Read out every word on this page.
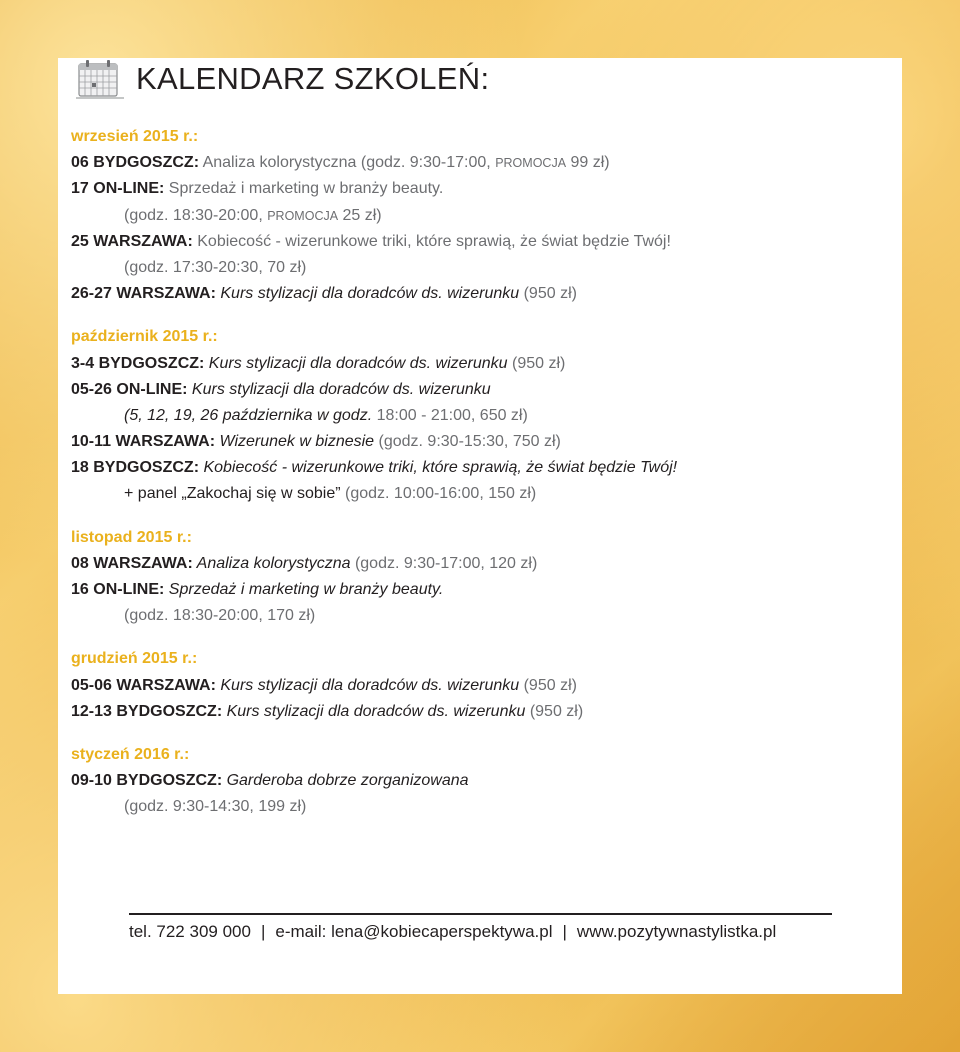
KALENDARZ SZKOLEŃ:
wrzesień 2015 r.:
06 BYDGOSZCZ: Analiza kolorystyczna (godz. 9:30-17:00, PROMOCJA 99 zł)
17 ON-LINE: Sprzedaż i marketing w branży beauty.
(godz. 18:30-20:00, PROMOCJA 25 zł)
25 WARSZAWA: Kobiecość - wizerunkowe triki, które sprawią, że świat będzie Twój!
(godz. 17:30-20:30, 70 zł)
26-27 WARSZAWA: Kurs stylizacji dla doradców ds. wizerunku (950 zł)
październik 2015 r.:
3-4 BYDGOSZCZ: Kurs stylizacji dla doradców ds. wizerunku (950 zł)
05-26 ON-LINE: Kurs stylizacji dla doradców ds. wizerunku
(5, 12, 19, 26 października w godz. 18:00 - 21:00, 650 zł)
10-11 WARSZAWA: Wizerunek w biznesie (godz. 9:30-15:30, 750 zł)
18 BYDGOSZCZ: Kobiecość - wizerunkowe triki, które sprawią, że świat będzie Twój!
+ panel „Zakochaj się w sobie” (godz. 10:00-16:00, 150 zł)
listopad 2015 r.:
08 WARSZAWA: Analiza kolorystyczna (godz. 9:30-17:00, 120 zł)
16 ON-LINE: Sprzedaż i marketing w branży beauty.
(godz. 18:30-20:00, 170 zł)
grudzień 2015 r.:
05-06 WARSZAWA: Kurs stylizacji dla doradców ds. wizerunku (950 zł)
12-13 BYDGOSZCZ: Kurs stylizacji dla doradców ds. wizerunku (950 zł)
styczeń 2016 r.:
09-10 BYDGOSZCZ: Garderoba dobrze zorganizowana
(godz. 9:30-14:30, 199 zł)
tel. 722 309 000 | e-mail: lena@kobiecaperspektywa.pl | www.pozytywnastylistka.pl
